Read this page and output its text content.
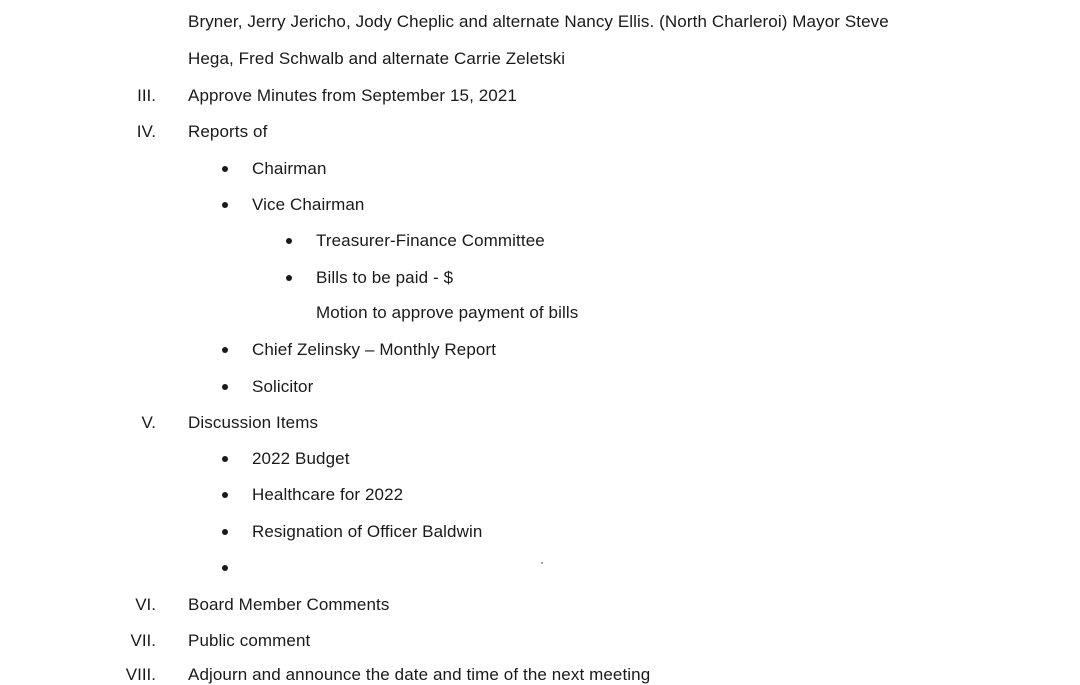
Bryner, Jerry Jericho, Jody Cheplic and alternate Nancy Ellis. (North Charleroi) Mayor Steve
Hega, Fred Schwalb and alternate Carrie Zeletski
III. Approve Minutes from September 15, 2021
IV. Reports of
Chairman
Vice Chairman
Treasurer-Finance Committee
Bills to be paid - $
Motion to approve payment of bills
Chief Zelinsky – Monthly Report
Solicitor
V. Discussion Items
2022 Budget
Healthcare for 2022
Resignation of Officer Baldwin
VI. Board Member Comments
VII. Public comment
VIII. Adjourn and announce the date and time of the next meeting
